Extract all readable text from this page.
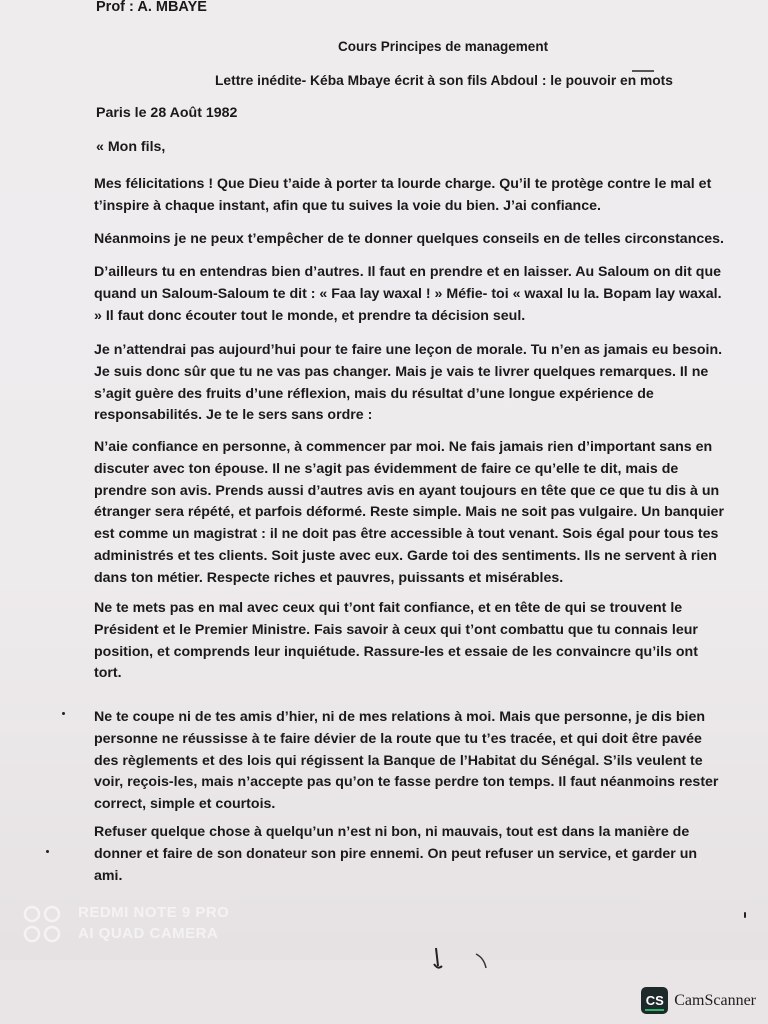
Prof : A. MBAYE
Cours Principes de management
Lettre inédite- Kéba Mbaye écrit à son fils Abdoul : le pouvoir en mots
Paris le 28 Août 1982
« Mon fils,

Mes félicitations ! Que Dieu t’aide à porter ta lourde charge. Qu’il te protège contre le mal et t’inspire à chaque instant, afin que tu suives la voie du bien. J’ai confiance.

Néanmoins je ne peux t’empêcher de te donner quelques conseils en de telles circonstances.

D’ailleurs tu en entendras bien d’autres. Il faut en prendre et en laisser. Au Saloum on dit que quand un Saloum-Saloum te dit : « Faa lay waxal ! » Méfie- toi « waxal lu la. Bopam lay waxal. » Il faut donc écouter tout le monde, et prendre ta décision seul.

Je n’attendrai pas aujourd’hui pour te faire une leçon de morale. Tu n’en as jamais eu besoin. Je suis donc sûr que tu ne vas pas changer. Mais je vais te livrer quelques remarques. Il ne s’agit guère des fruits d’une réflexion, mais du résultat d’une longue expérience de responsabilités. Je te le sers sans ordre :

N’aie confiance en personne, à commencer par moi. Ne fais jamais rien d’important sans en discuter avec ton épouse. Il ne s’agit pas évidemment de faire ce qu’elle te dit, mais de prendre son avis. Prends aussi d’autres avis en ayant toujours en tête que ce que tu dis à un étranger sera répété, et parfois déformé. Reste simple. Mais ne soit pas vulgaire. Un banquier est comme un magistrat : il ne doit pas être accessible à tout venant. Sois égal pour tous tes administrés et tes clients. Soit juste avec eux. Garde toi des sentiments. Ils ne servent à rien dans ton métier. Respecte riches et pauvres, puissants et misérables.

Ne te mets pas en mal avec ceux qui t’ont fait confiance, et en tête de qui se trouvent le Président et le Premier Ministre. Fais savoir à ceux qui t’ont combattu que tu connais leur position, et comprends leur inquiétude. Rassure-les et essaie de les convaincre qu’ils ont tort.

Ne te coupe ni de tes amis d’hier, ni de mes relations à moi. Mais que personne, je dis bien personne ne réussisse à te faire dévier de la route que tu t’es tracée, et qui doit être pavée des règlements et des lois qui régissent la Banque de l’Habitat du Sénégal. S’ils veulent te voir, reçois-les, mais n’accepte pas qu’on te fasse perdre ton temps. Il faut néanmoins rester correct, simple et courtois.

Refuser quelque chose à quelqu’un n’est ni bon, ni mauvais, tout est dans la manière de donner et faire de son donateur son pire ennemi. On peut refuser un service, et garder un ami.

REDMI NOTE 9 PRO
AI QUAD CAMERA
CS CamScanner
